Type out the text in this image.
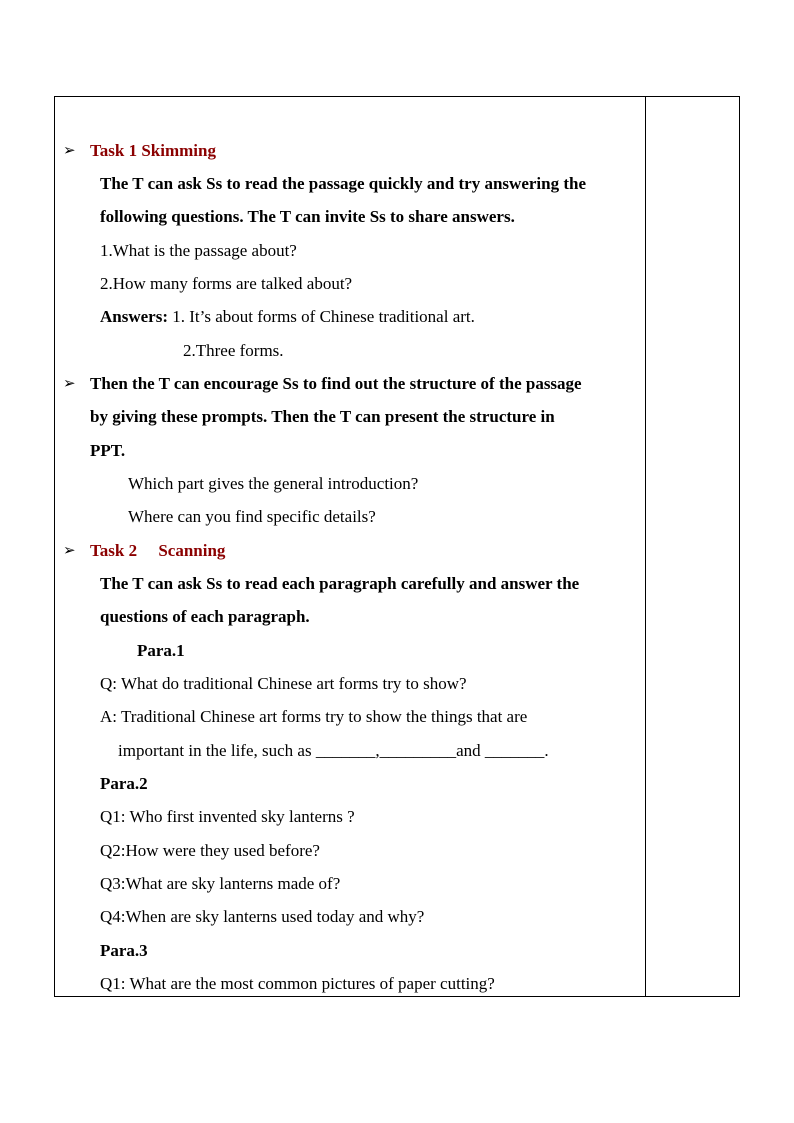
➢ Task 1 Skimming
The T can ask Ss to read the passage quickly and try answering the
following questions. The T can invite Ss to share answers.
1.What is the passage about?
2.How many forms are talked about?
Answers: 1. It’s about forms of Chinese traditional art.
2.Three forms.
➢ Then the T can encourage Ss to find out the structure of the passage
by giving these prompts. Then the T can present the structure in
PPT.
Which part gives the general introduction?
Where can you find specific details?
➢ Task 2     Scanning
The T can ask Ss to read each paragraph carefully and answer the
questions of each paragraph.
Para.1
Q: What do traditional Chinese art forms try to show?
A: Traditional Chinese art forms try to show the things that are
important in the life, such as _______,_________and _______.
Para.2
Q1: Who first invented sky lanterns ?
Q2:How were they used before?
Q3:What are sky lanterns made of?
Q4:When are sky lanterns used today and why?
Para.3
Q1: What are the most common pictures of paper cutting?
